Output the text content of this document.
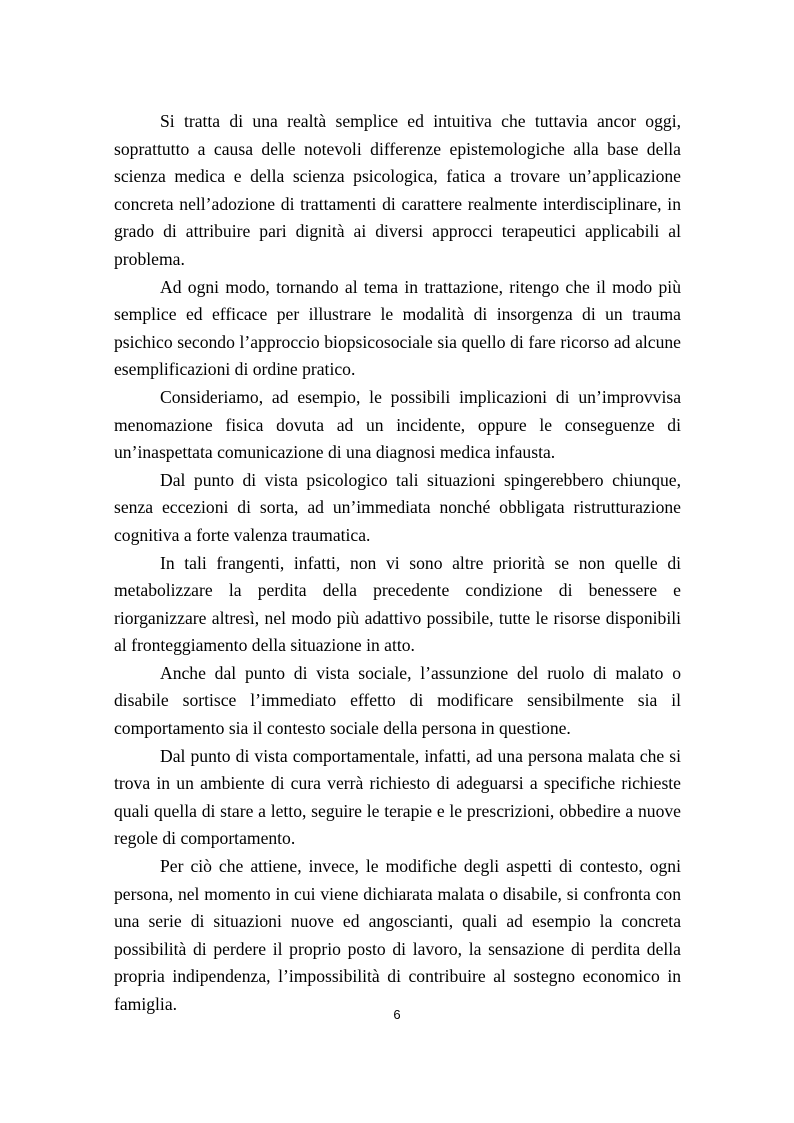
Si tratta di una realtà semplice ed intuitiva che tuttavia ancor oggi, soprattutto a causa delle notevoli differenze epistemologiche alla base della scienza medica e della scienza psicologica, fatica a trovare un’applicazione concreta nell’adozione di trattamenti di carattere realmente interdisciplinare, in grado di attribuire pari dignità ai diversi approcci terapeutici applicabili al problema.

Ad ogni modo, tornando al tema in trattazione, ritengo che il modo più semplice ed efficace per illustrare le modalità di insorgenza di un trauma psichico secondo l’approccio biopsicosociale sia quello di fare ricorso ad alcune esemplificazioni di ordine pratico.

Consideriamo, ad esempio, le possibili implicazioni di un’improvvisa menomazione fisica dovuta ad un incidente, oppure le conseguenze di un’inaspettata comunicazione di una diagnosi medica infausta.

Dal punto di vista psicologico tali situazioni spingerebbero chiunque, senza eccezioni di sorta, ad un’immediata nonché obbligata ristrutturazione cognitiva a forte valenza traumatica.

In tali frangenti, infatti, non vi sono altre priorità se non quelle di metabolizzare la perdita della precedente condizione di benessere e riorganizzare altresì, nel modo più adattivo possibile, tutte le risorse disponibili al fronteggiamento della situazione in atto.

Anche dal punto di vista sociale, l’assunzione del ruolo di malato o disabile sortisce l’immediato effetto di modificare sensibilmente sia il comportamento sia il contesto sociale della persona in questione.

Dal punto di vista comportamentale, infatti, ad una persona malata che si trova in un ambiente di cura verrà richiesto di adeguarsi a specifiche richieste quali quella di stare a letto, seguire le terapie e le prescrizioni, obbedire a nuove regole di comportamento.

Per ciò che attiene, invece, le modifiche degli aspetti di contesto, ogni persona, nel momento in cui viene dichiarata malata o disabile, si confronta con una serie di situazioni nuove ed angoscianti, quali ad esempio la concreta possibilità di perdere il proprio posto di lavoro, la sensazione di perdita della propria indipendenza, l’impossibilità di contribuire al sostegno economico in famiglia.

6
